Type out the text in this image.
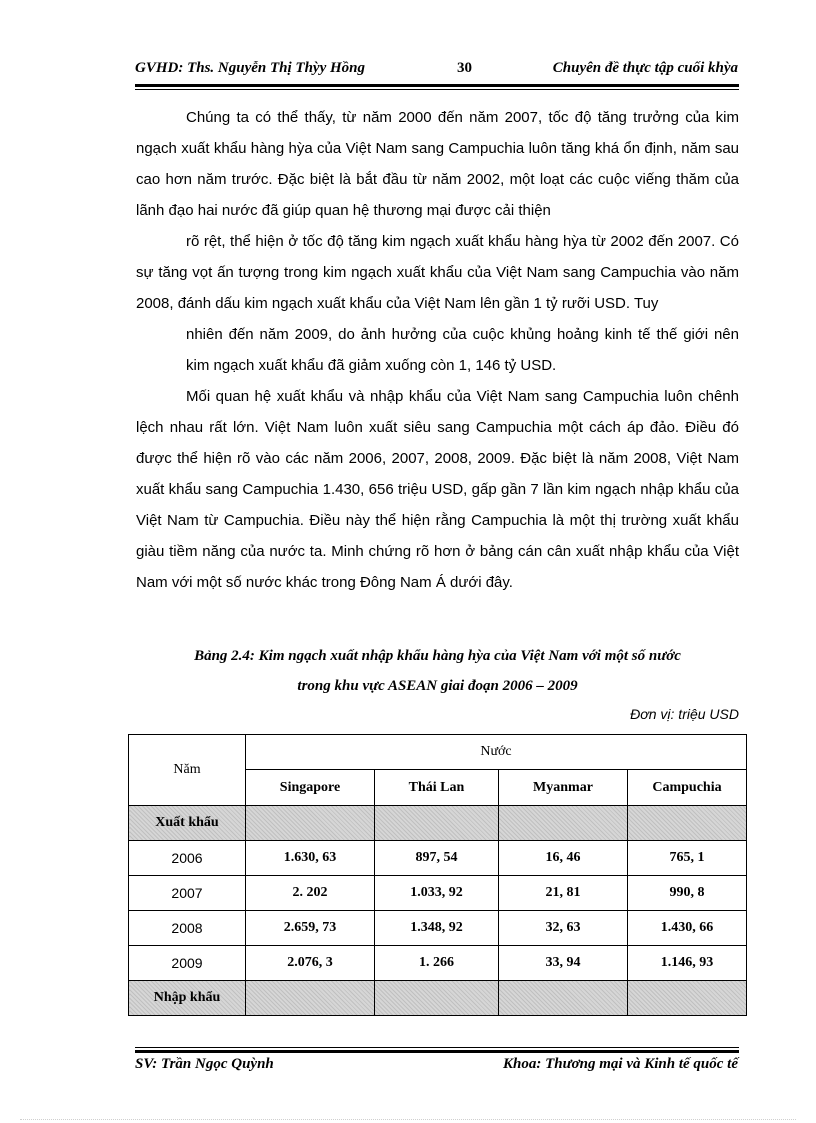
GVHD: Ths. Nguyễn Thị Thỳy Hồng	30	Chuyên đề thực tập cuối khỳa

Chúng ta có thể thấy, từ năm 2000 đến năm 2007, tốc độ tăng trưởng của kim ngạch xuất khẩu hàng hỳa của Việt Nam sang Campuchia luôn tăng khá ổn định, năm sau cao hơn năm trước. Đặc biệt là bắt đầu từ năm 2002, một loạt các cuộc viếng thăm của lãnh đạo hai nước đã giúp quan hệ thương mại được cải thiện

rõ rệt, thể hiện ở tốc độ tăng kim ngạch xuất khẩu hàng hỳa từ 2002 đến 2007. Có sự tăng vọt ấn tượng trong kim ngạch xuất khẩu của Việt Nam sang Campuchia vào năm 2008, đánh dấu kim ngạch xuất khẩu của Việt Nam lên gần 1 tỷ rưỡi USD. Tuy

nhiên đến năm 2009, do ảnh hưởng của cuộc khủng hoảng kinh tế thế giới nên kim ngạch xuất khẩu đã giảm xuống còn 1, 146 tỷ USD.

Mối quan hệ xuất khẩu và nhập khẩu của Việt Nam sang Campuchia luôn chênh lệch nhau rất lớn. Việt Nam luôn xuất siêu sang Campuchia một cách áp đảo. Điều đó được thể hiện rõ vào các năm 2006, 2007, 2008, 2009. Đặc biệt là năm 2008, Việt Nam xuất khẩu sang Campuchia 1.430, 656 triệu USD, gấp gần 7 lần kim ngạch nhập khẩu của Việt Nam từ Campuchia. Điều này thể hiện rằng Campuchia là một thị trường xuất khẩu giàu tiềm năng của nước ta. Minh chứng rõ hơn ở bảng cán cân xuất nhập khẩu của Việt Nam với một số nước khác trong Đông Nam Á dưới đây.

Bảng 2.4: Kim ngạch xuất nhập khẩu hàng hỳa của Việt Nam với một số nước
trong khu vực ASEAN giai đoạn 2006 – 2009
Đơn vị: triệu USD
Năm	Nước			
	Singapore	Thái Lan	Myanmar	Campuchia
Xuất khẩu				
2006	1.630, 63	897, 54	16, 46	765, 1
2007	2. 202	1.033, 92	21, 81	990, 8
2008	2.659, 73	1.348, 92	32, 63	1.430, 66
2009	2.076, 3	1. 266	33, 94	1.146, 93
Nhập khẩu				
SV: Trần Ngọc Quỳnh	Khoa: Thương mại và Kinh tế quốc tế
